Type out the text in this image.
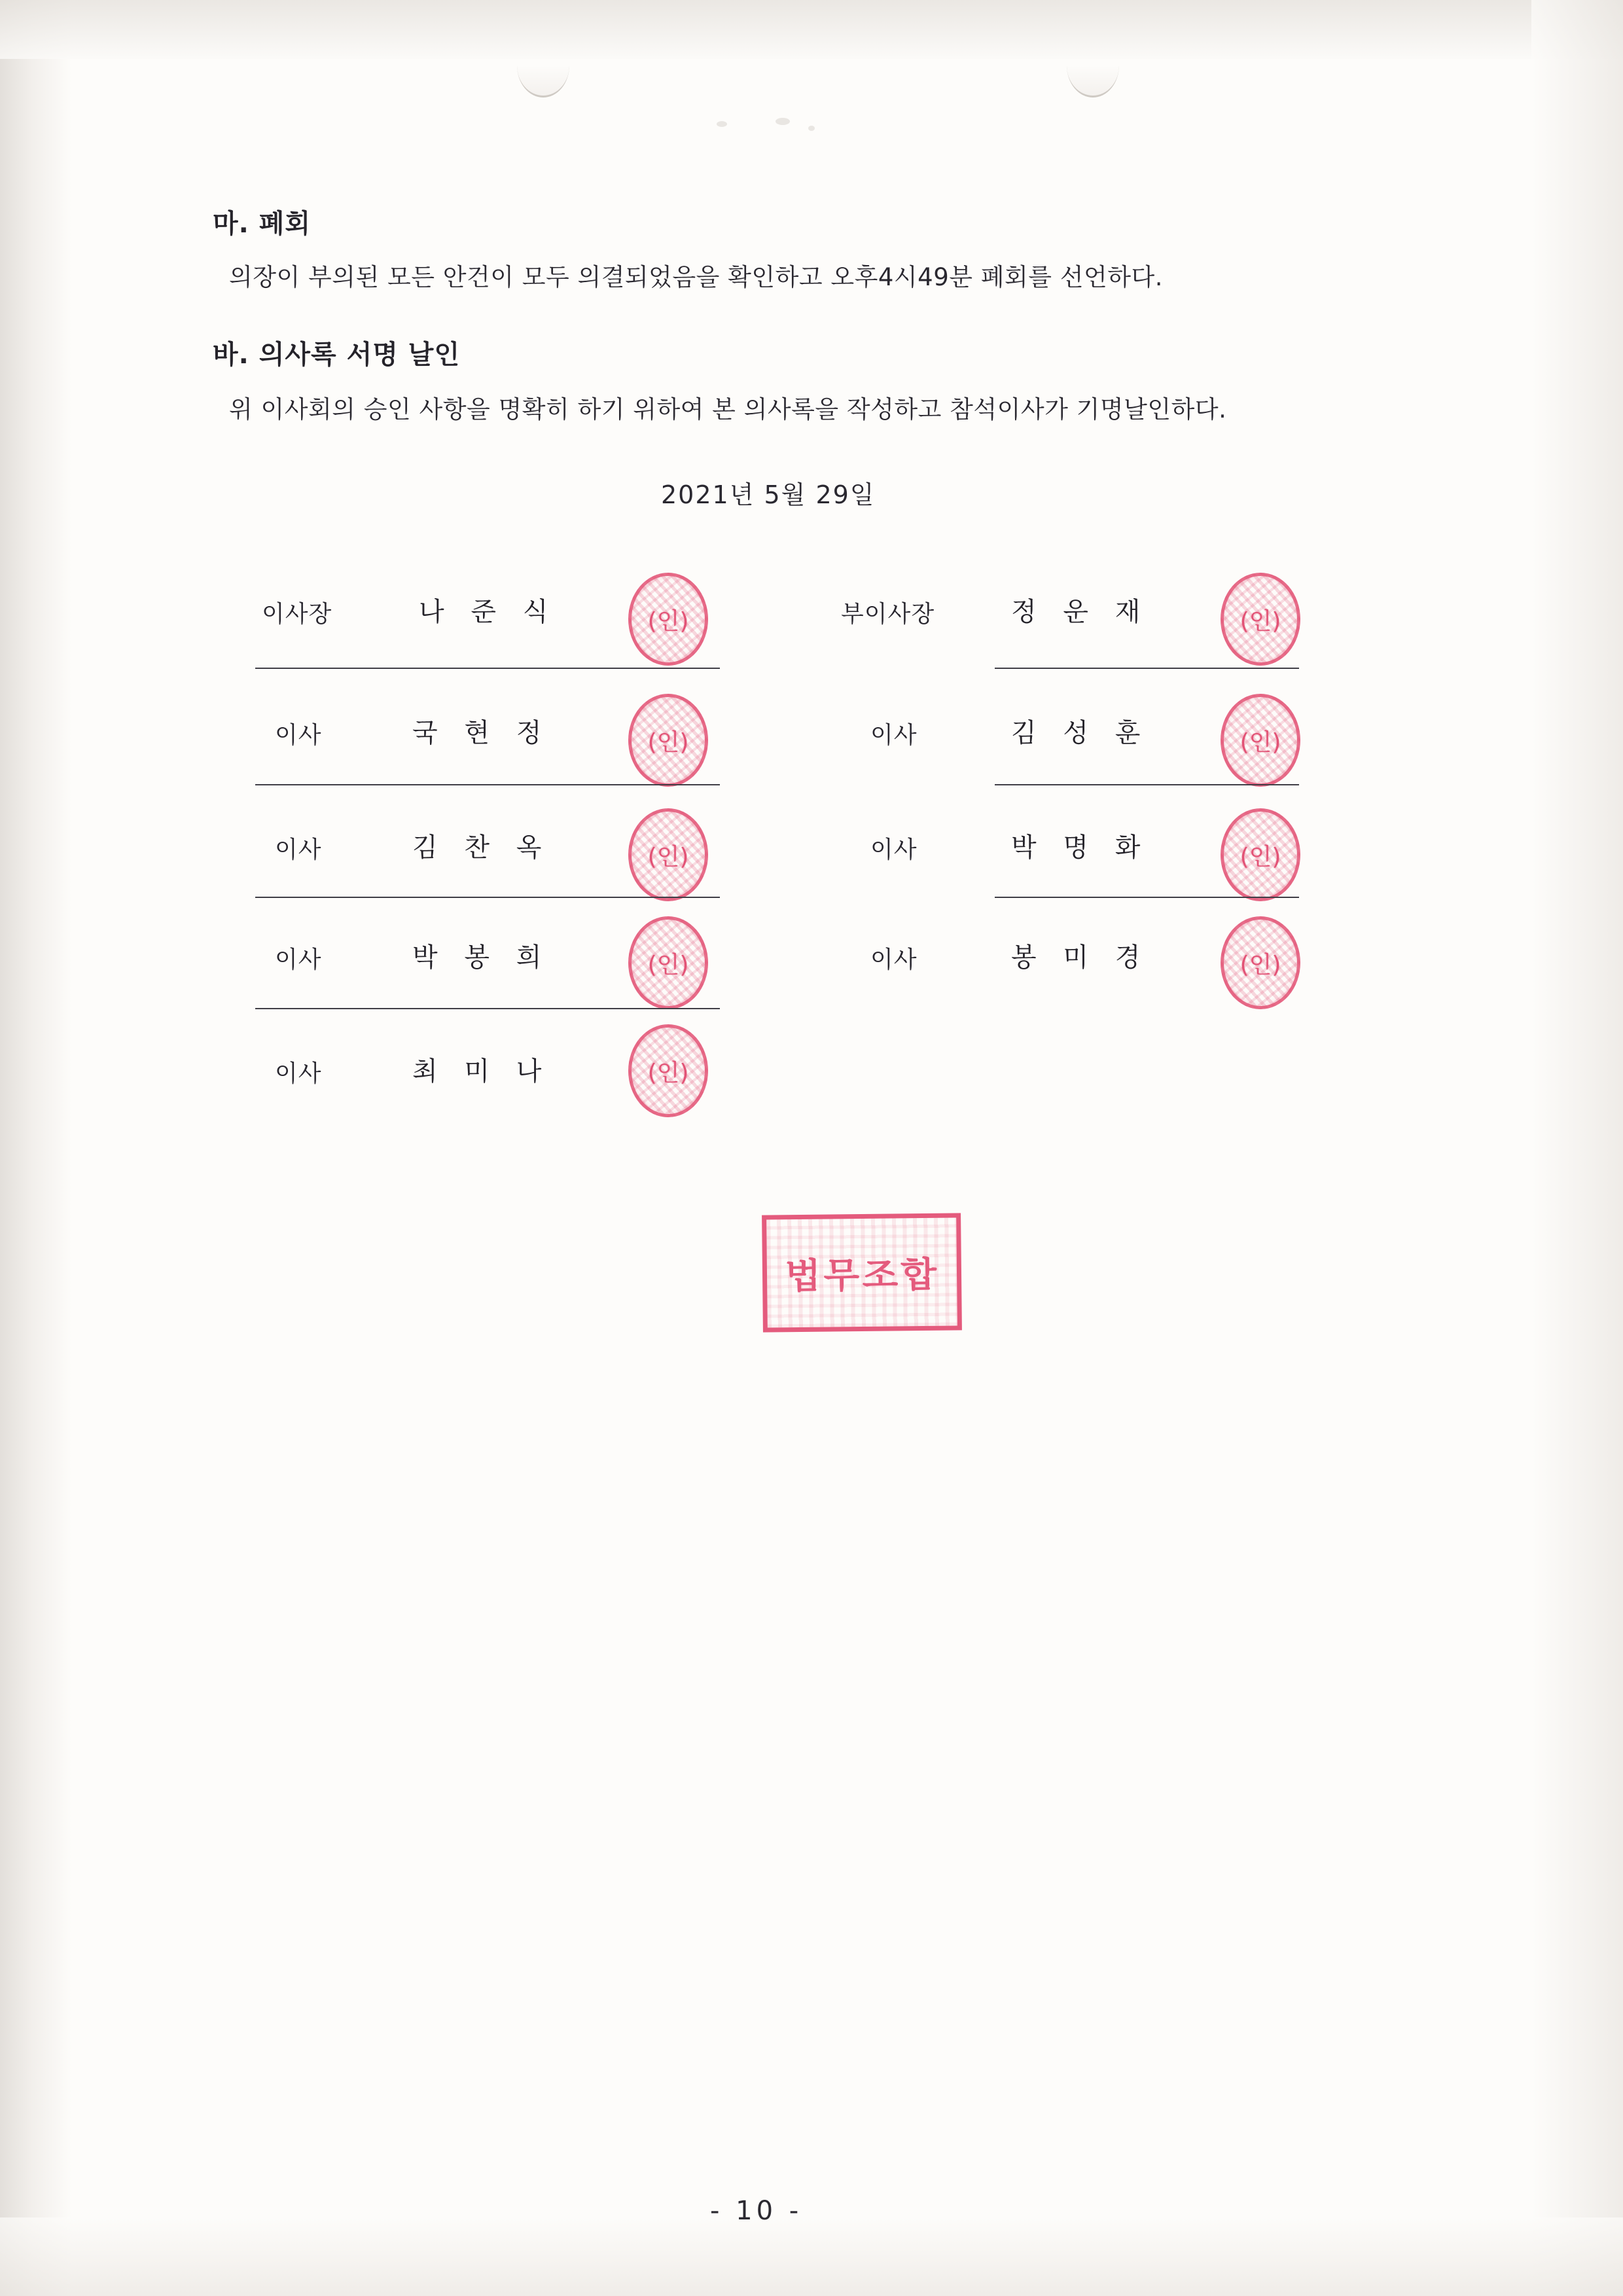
마. 폐회
의장이 부의된 모든 안건이 모두 의결되었음을 확인하고 오후4시49분 폐회를 선언하다.
바. 의사록 서명 날인
위 이사회의 승인 사항을 명확히 하기 위하여 본 의사록을 작성하고 참석이사가 기명날인하다.
2021년 5월 29일
이사장	나 준 식	(인)
이사	국 현 정	(인)
이사	김 찬 옥	(인)
이사	박 봉 희	(인)
이사	최 미 나	(인)
부이사장	정 운 재	(인)
이사	김 성 훈	(인)
이사	박 명 화	(인)
이사	봉 미 경	(인)
법무조합
- 10 -
